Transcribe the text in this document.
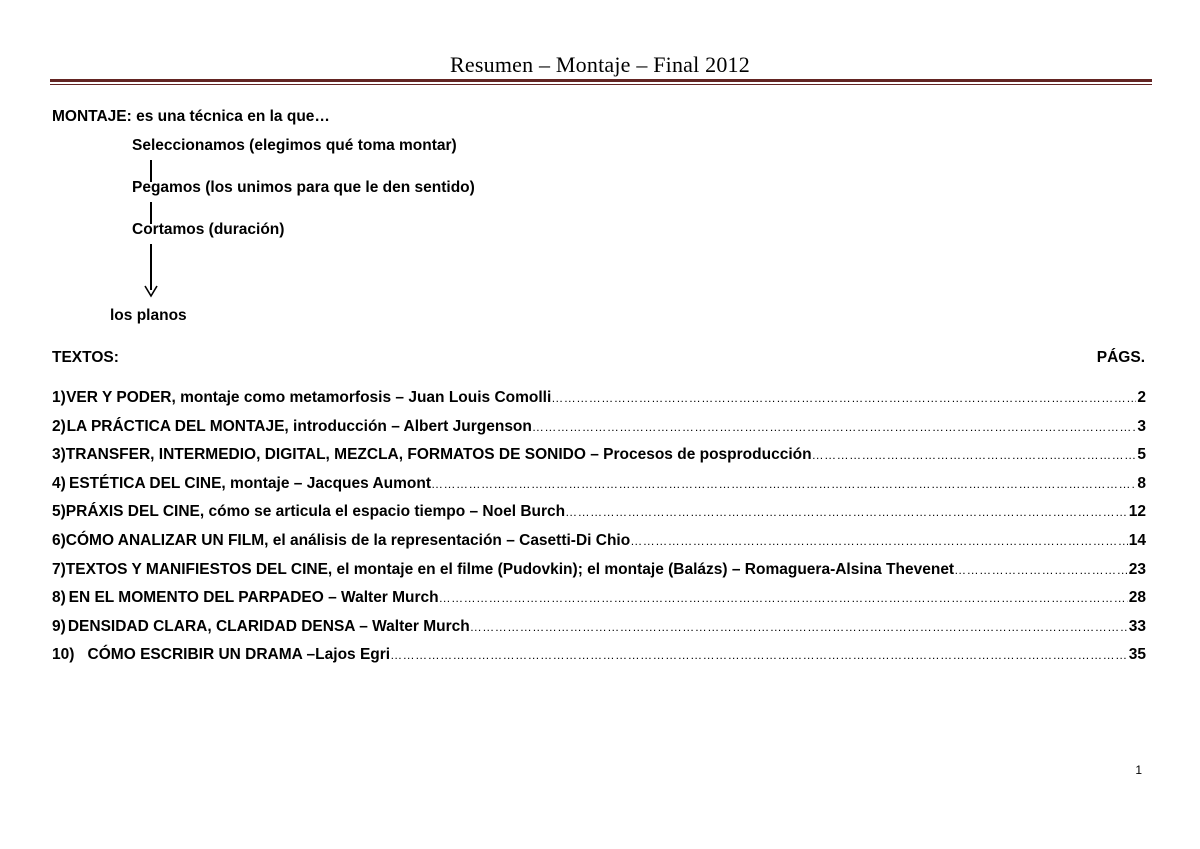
Resumen – Montaje – Final 2012
MONTAJE: es una técnica en la que…
Seleccionamos (elegimos qué toma montar)
Pegamos (los unimos para que le den sentido)
Cortamos (duración)
los planos
TEXTOS:	PÁGS.
1) VER Y PODER, montaje como metamorfosis – Juan Louis Comolli ……………………………………………………………………………………………………………………………………………………………………………………………………………………………	2
2) LA PRÁCTICA DEL MONTAJE, introducción – Albert Jurgenson ……………………………………………………………………………………………………………………………………………………………………………………………………………………………	3
3) TRANSFER, INTERMEDIO, DIGITAL, MEZCLA, FORMATOS DE SONIDO – Procesos de posproducción ……………………………………………………………………………………………………………………………………………………………………………………………………………………………	5
4) ESTÉTICA DEL CINE, montaje – Jacques Aumont ……………………………………………………………………………………………………………………………………………………………………………………………………………………………	8
5) PRÁXIS DEL CINE, cómo se articula el espacio tiempo – Noel Burch ……………………………………………………………………………………………………………………………………………………………………………………………………………………………	12
6) CÓMO ANALIZAR UN FILM, el análisis de la representación – Casetti-Di Chio ……………………………………………………………………………………………………………………………………………………………………………………………………………………………	14
7) TEXTOS Y MANIFIESTOS DEL CINE, el montaje en el filme (Pudovkin); el montaje (Balázs) – Romaguera-Alsina Thevenet ……………………………………………………………………………………………………………………………………………………………………………………………………………………………	23
8) EN EL MOMENTO DEL PARPADEO – Walter Murch ……………………………………………………………………………………………………………………………………………………………………………………………………………………………	28
9) DENSIDAD CLARA, CLARIDAD DENSA – Walter Murch ……………………………………………………………………………………………………………………………………………………………………………………………………………………………	33
10) CÓMO ESCRIBIR UN DRAMA –Lajos Egri ……………………………………………………………………………………………………………………………………………………………………………………………………………………………	35
1
